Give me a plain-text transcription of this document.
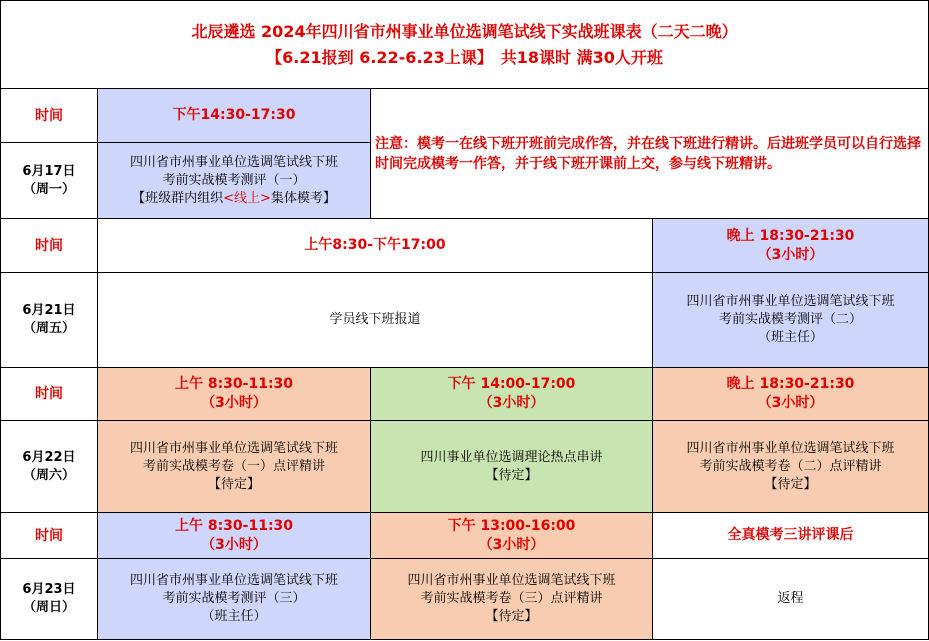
北辰遴选 2024年四川省市州事业单位选调笔试线下实战班课表（二天二晚）
【6.21报到 6.22-6.23上课】　共18课时 满30人开班			

时间	下午14:30-17:30	注意：模考一在线下班开班前完成作答，并在线下班进行精讲。后进班学员可以自行选择时间完成模考一作答，并于线下班开课前上交，参与线下班精讲。	

6月17日
（周一）	四川省市州事业单位选调笔试线下班
考前实战模考测评（一）
【班级群内组织<线上>集体模考】		

时间	上午8:30-下午17:00		晚上 18:30-21:30
（3小时）

6月21日
（周五）	学员线下班报道		四川省市州事业单位选调笔试线下班
考前实战模考测评（二）
（班主任）

时间	上午 8:30-11:30
（3小时）	下午 14:00-17:00
（3小时）	晚上 18:30-21:30
（3小时）

6月22日
（周六）	四川省市州事业单位选调笔试线下班
考前实战模考卷（一）点评精讲
【待定】	四川事业单位选调理论热点串讲
【待定】	四川省市州事业单位选调笔试线下班
考前实战模考卷（二）点评精讲
【待定】

时间	上午 8:30-11:30
（3小时）	下午 13:00-16:00
（3小时）	全真模考三讲评课后

6月23日
（周日）	四川省市州事业单位选调笔试线下班
考前实战模考测评（三）
（班主任）	四川省市州事业单位选调笔试线下班
考前实战模考卷（三）点评精讲
【待定】	返程
